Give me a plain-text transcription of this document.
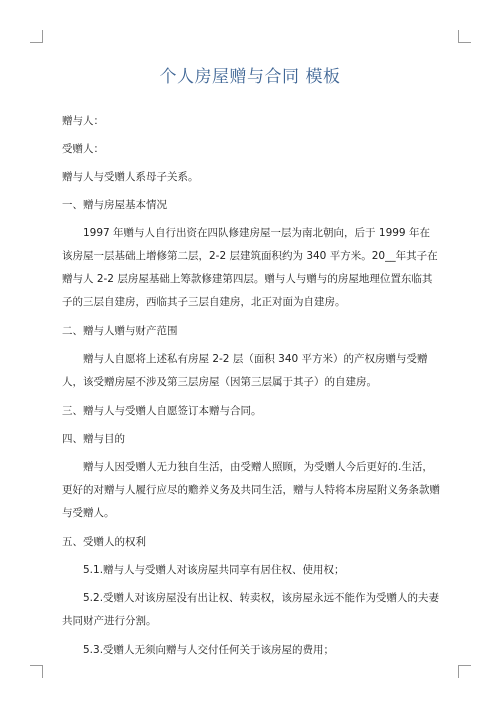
个人房屋赠与合同 模板

赠与人：

受赠人：

赠与人与受赠人系母子关系。

一、赠与房屋基本情况

1997 年赠与人自行出资在四队修建房屋一层为南北朝向，后于 1999 年在该房屋一层基础上增修第二层，2-2 层建筑面积约为 340 平方米。20__年其子在赠与人 2-2 层房屋基础上筹款修建第四层。赠与人与赠与的房屋地理位置东临其子的三层自建房，西临其子三层自建房，北正对面为自建房。

二、赠与人赠与财产范围

赠与人自愿将上述私有房屋 2-2 层（面积 340 平方米）的产权房赠与受赠人，该受赠房屋不涉及第三层房屋（因第三层属于其子）的自建房。

三、赠与人与受赠人自愿签订本赠与合同。

四、赠与目的

赠与人因受赠人无力独自生活，由受赠人照顾，为受赠人今后更好的.生活，更好的对赠与人履行应尽的赡养义务及共同生活，赠与人特将本房屋附义务条款赠与受赠人。

五、受赠人的权利

5.1.赠与人与受赠人对该房屋共同享有居住权、使用权；

5.2.受赠人对该房屋没有出让权、转卖权，该房屋永远不能作为受赠人的夫妻共同财产进行分割。

5.3.受赠人无须向赠与人交付任何关于该房屋的费用；
